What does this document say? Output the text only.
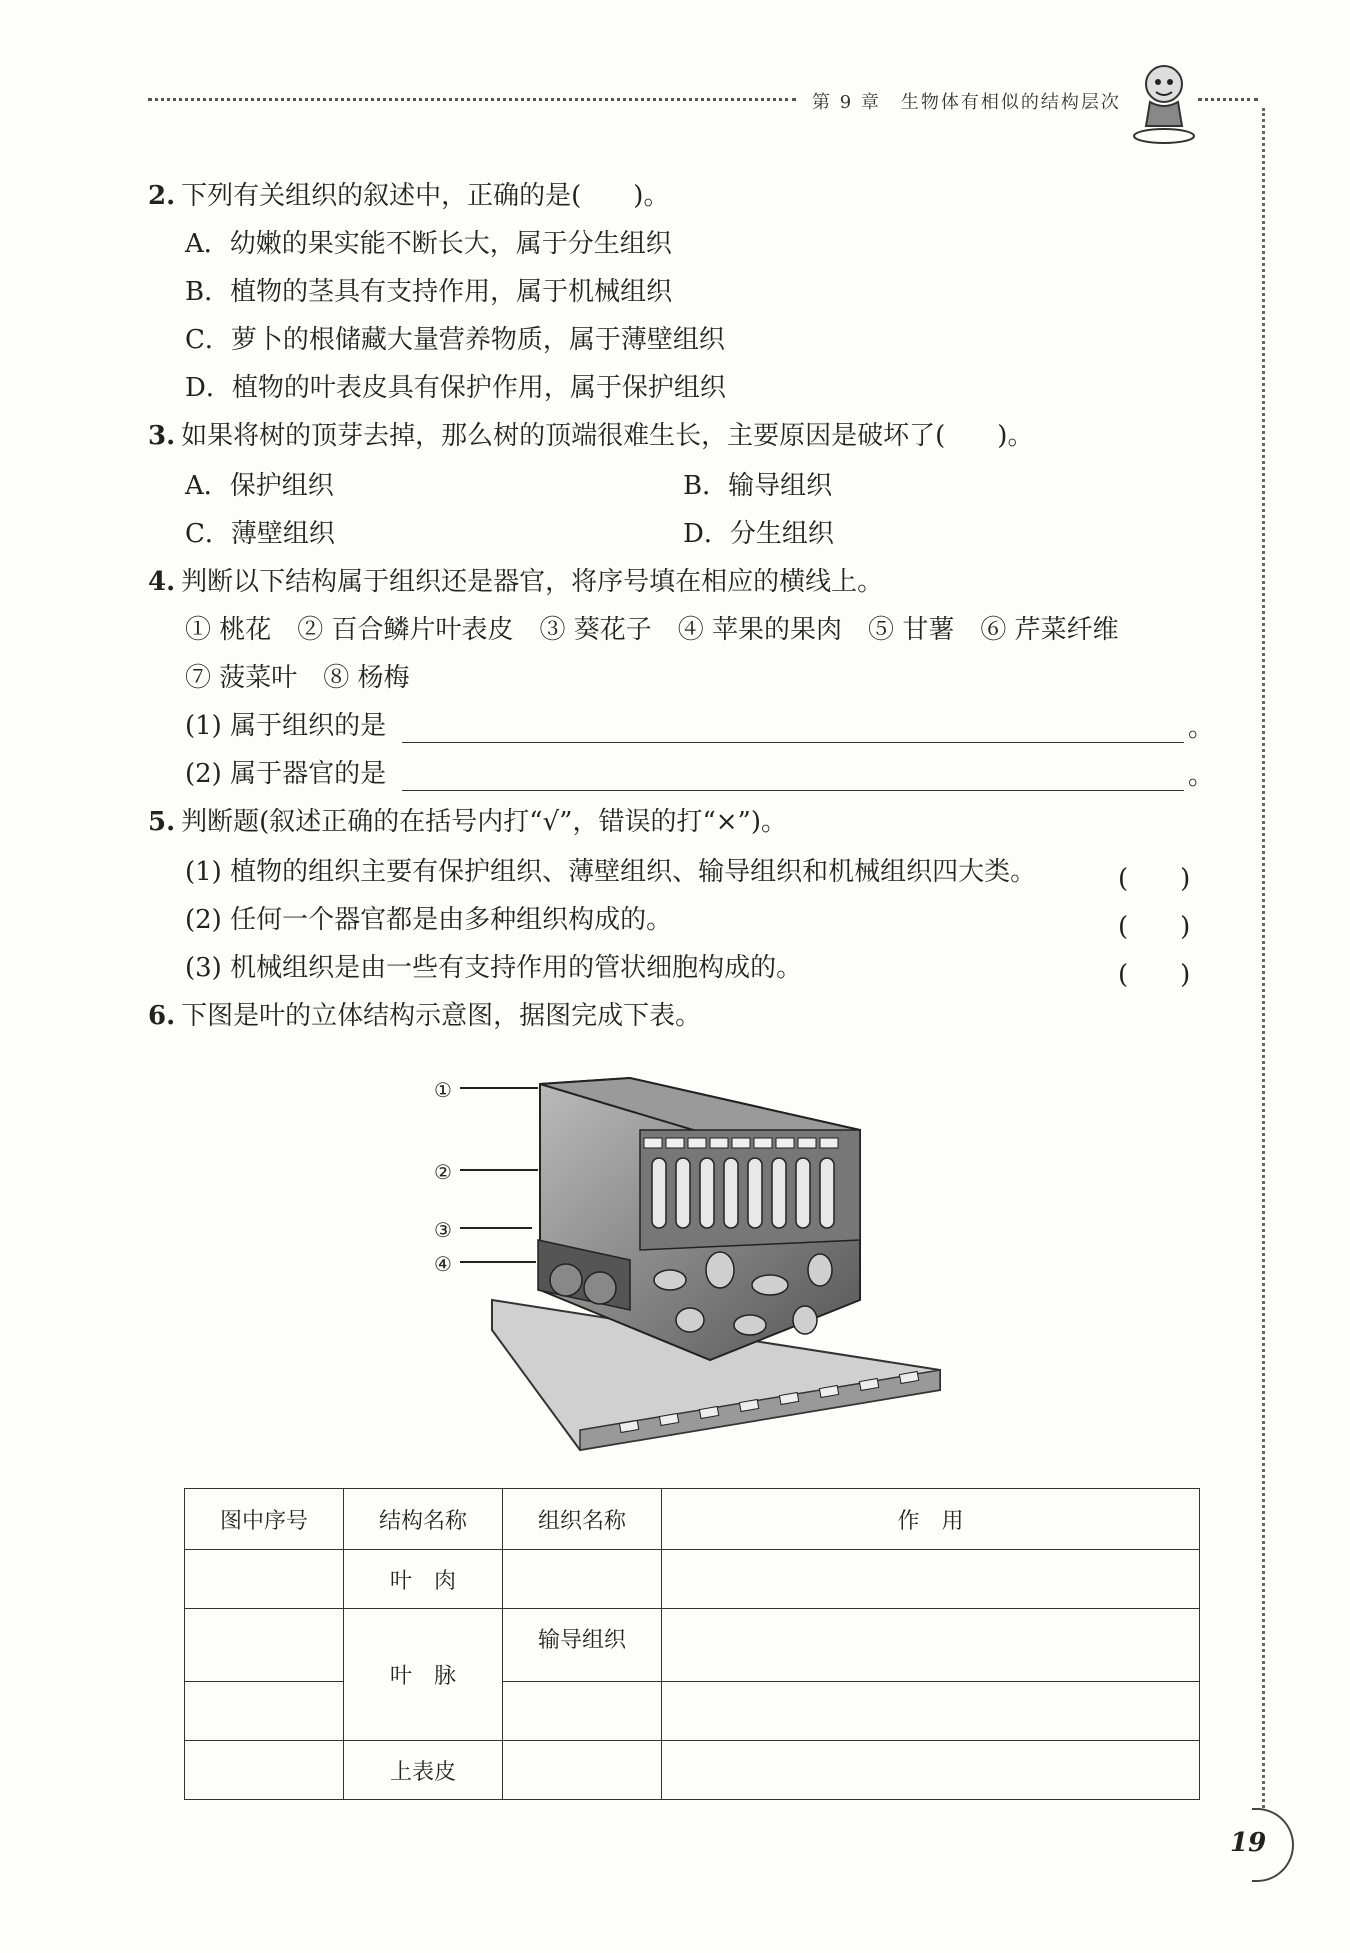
第 9 章　生物体有相似的结构层次
2. 下列有关组织的叙述中，正确的是(　　)。
A．幼嫩的果实能不断长大，属于分生组织
B．植物的茎具有支持作用，属于机械组织
C．萝卜的根储藏大量营养物质，属于薄壁组织
D．植物的叶表皮具有保护作用，属于保护组织
3. 如果将树的顶芽去掉，那么树的顶端很难生长，主要原因是破坏了(　　)。
A．保护组织	B．输导组织
C．薄壁组织	D．分生组织
4. 判断以下结构属于组织还是器官，将序号填在相应的横线上。
① 桃花　② 百合鳞片叶表皮　③ 葵花子　④ 苹果的果肉　⑤ 甘薯　⑥ 芹菜纤维
⑦ 菠菜叶　⑧ 杨梅
(1) 属于组织的是	。
(2) 属于器官的是	。
5. 判断题(叙述正确的在括号内打“√”，错误的打“×”)。
(1) 植物的组织主要有保护组织、薄壁组织、输导组织和机械组织四大类。	(　　)
(2) 任何一个器官都是由多种组织构成的。	(　　)
(3) 机械组织是由一些有支持作用的管状细胞构成的。	(　　)
6. 下图是叶的立体结构示意图，据图完成下表。
①
②
③
④
图中序号	结构名称	组织名称	作　用
	叶　肉		
	叶　脉	输导组织	

	上表皮		
19
